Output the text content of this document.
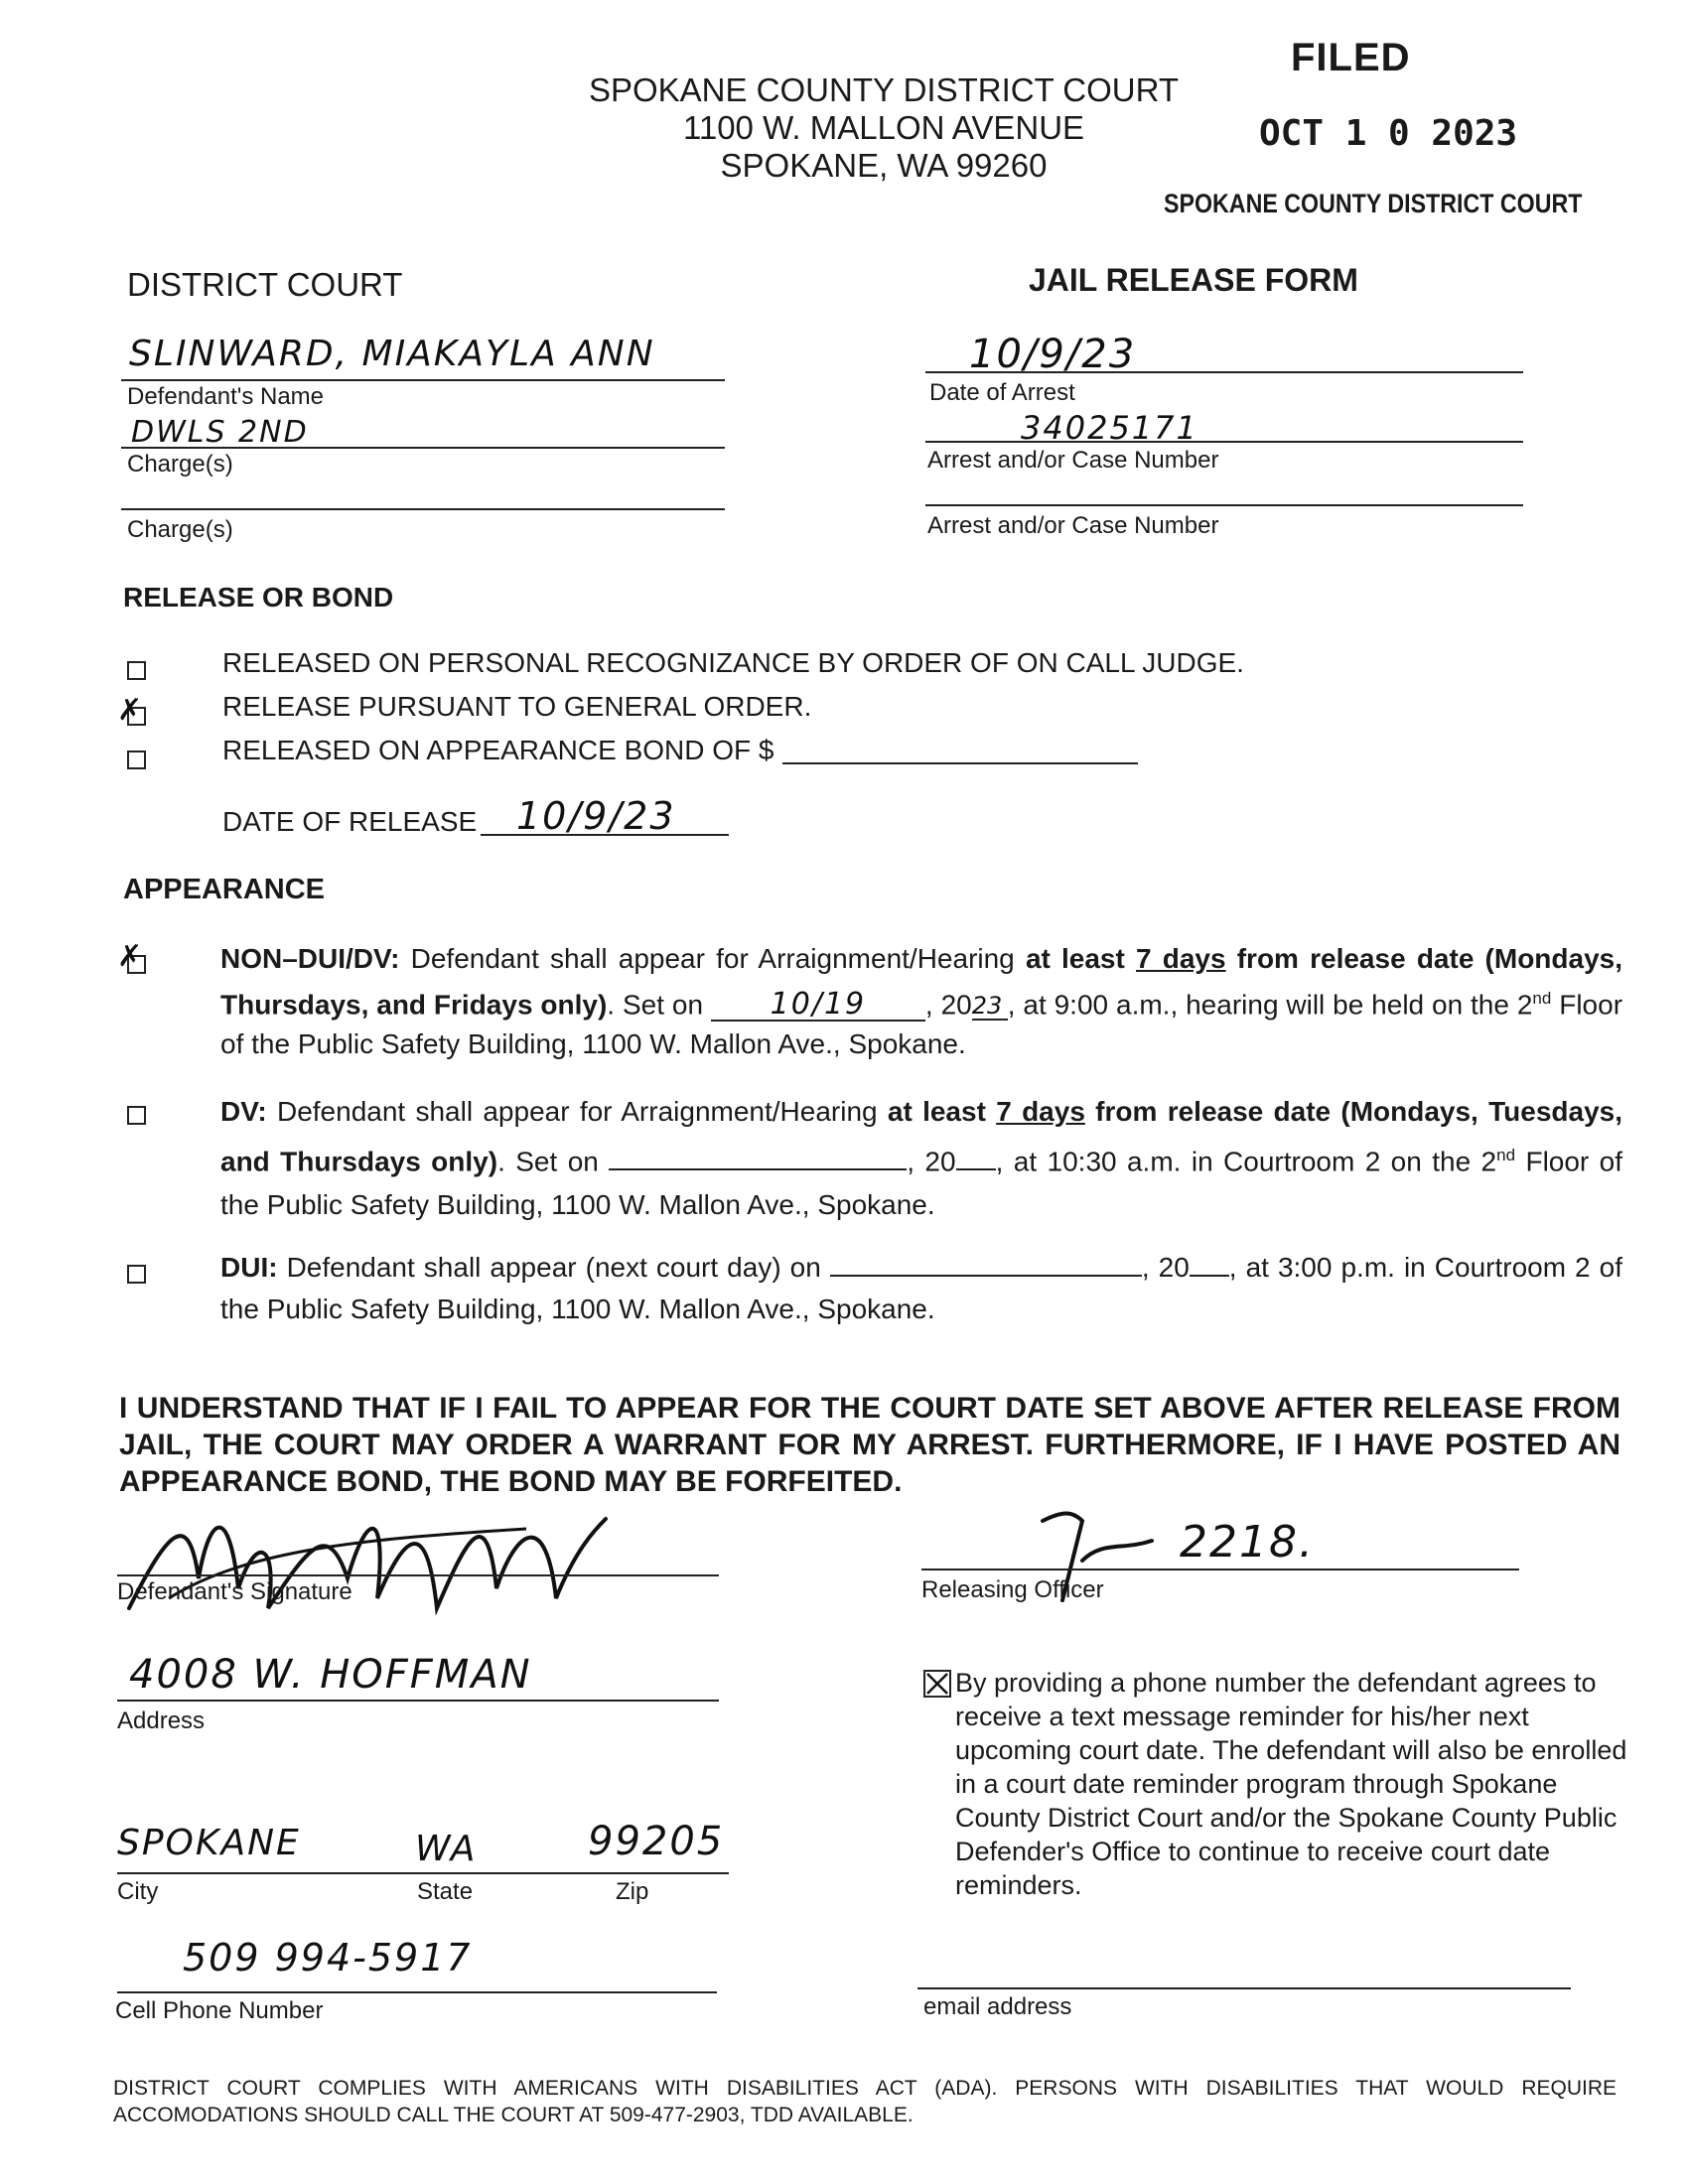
SPOKANE COUNTY DISTRICT COURT
1100 W. MALLON AVENUE
SPOKANE, WA 99260
FILED
OCT 1 0 2023
SPOKANE COUNTY DISTRICT COURT
DISTRICT COURT	JAIL RELEASE FORM
SLINWARD, MIAKAYLA ANN
Defendant's Name
10/9/23
Date of Arrest
DWLS 2ND
Charge(s)
34025171
Arrest and/or Case Number
Charge(s)	Arrest and/or Case Number
RELEASE OR BOND
RELEASED ON PERSONAL RECOGNIZANCE BY ORDER OF ON CALL JUDGE.
✗	RELEASE PURSUANT TO GENERAL ORDER.
RELEASED ON APPEARANCE BOND OF $
DATE OF RELEASE 10/9/23
APPEARANCE
✗	NON–DUI/DV: Defendant shall appear for Arraignment/Hearing at least 7 days from release date (Mondays, Thursdays, and Fridays only). Set on 10/19 , 2023 , at 9:00 a.m., hearing will be held on the 2nd Floor of the Public Safety Building, 1100 W. Mallon Ave., Spokane.
DV: Defendant shall appear for Arraignment/Hearing at least 7 days from release date (Mondays, Tuesdays, and Thursdays only). Set on	, 20 , at 10:30 a.m. in Courtroom 2 on the 2nd Floor of the Public Safety Building, 1100 W. Mallon Ave., Spokane.
DUI: Defendant shall appear (next court day) on	, 20 , at 3:00 p.m. in Courtroom 2 of the Public Safety Building, 1100 W. Mallon Ave., Spokane.
I UNDERSTAND THAT IF I FAIL TO APPEAR FOR THE COURT DATE SET ABOVE AFTER RELEASE FROM JAIL, THE COURT MAY ORDER A WARRANT FOR MY ARREST. FURTHERMORE, IF I HAVE POSTED AN APPEARANCE BOND, THE BOND MAY BE FORFEITED.
Defendant's Signature
2218.
Releasing Officer
4008 W. HOFFMAN
Address
SPOKANE	WA	99205
City	State	Zip
509 994-5917
Cell Phone Number
By providing a phone number the defendant agrees to receive a text message reminder for his/her next upcoming court date. The defendant will also be enrolled in a court date reminder program through Spokane County District Court and/or the Spokane County Public Defender's Office to continue to receive court date reminders.
email address
DISTRICT COURT COMPLIES WITH AMERICANS WITH DISABILITIES ACT (ADA). PERSONS WITH DISABILITIES THAT WOULD REQUIRE ACCOMODATIONS SHOULD CALL THE COURT AT 509-477-2903, TDD AVAILABLE.
